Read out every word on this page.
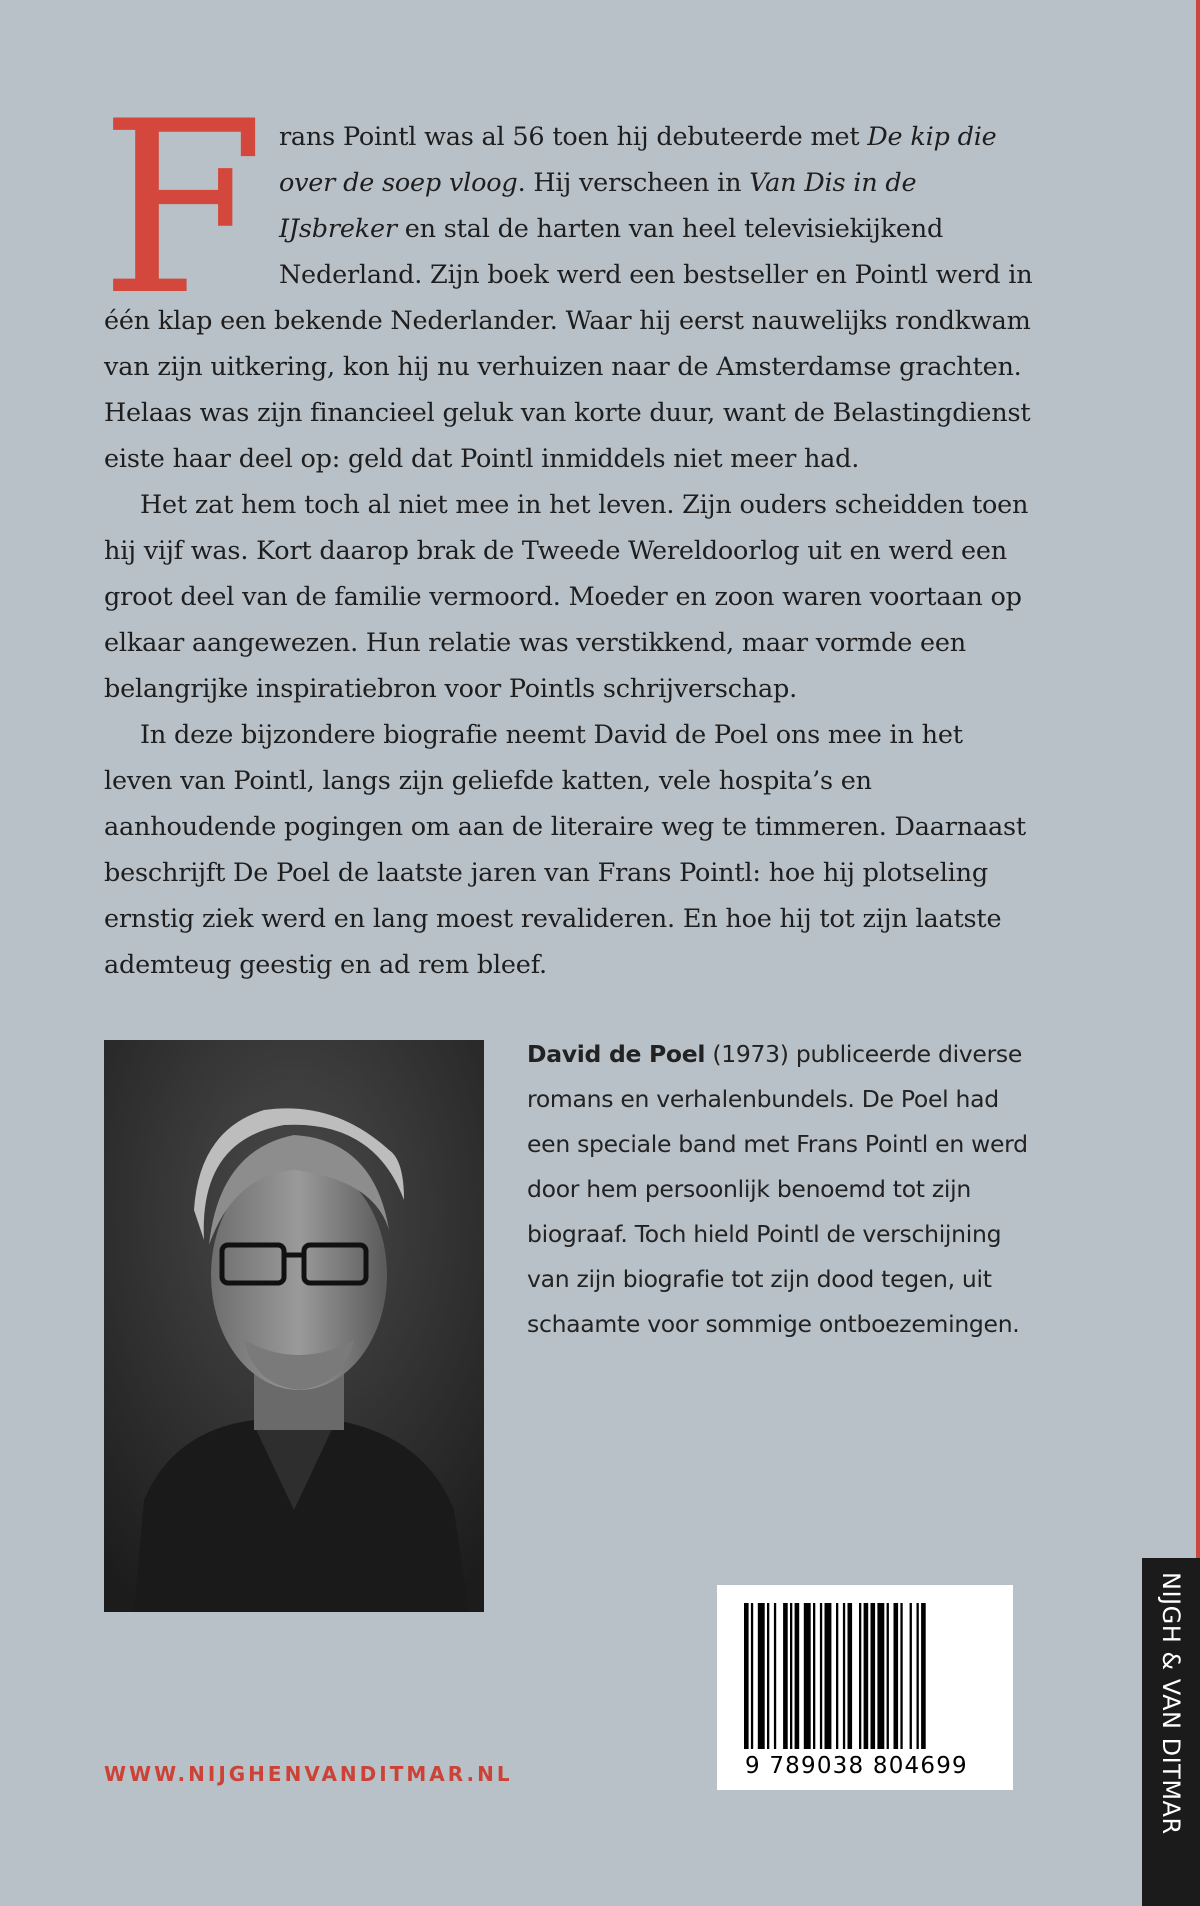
Frans Pointl was al 56 toen hij debuteerde met De kip die over de soep vloog. Hij verscheen in Van Dis in de IJsbreker en stal de harten van heel televisiekijkend Nederland. Zijn boek werd een bestseller en Pointl werd in één klap een bekende Nederlander. Waar hij eerst nauwelijks rondkwam van zijn uitkering, kon hij nu verhuizen naar de Amsterdamse grachten. Helaas was zijn financieel geluk van korte duur, want de Belastingdienst eiste haar deel op: geld dat Pointl inmiddels niet meer had.

Het zat hem toch al niet mee in het leven. Zijn ouders scheidden toen hij vijf was. Kort daarop brak de Tweede Wereldoorlog uit en werd een groot deel van de familie vermoord. Moeder en zoon waren voortaan op elkaar aangewezen. Hun relatie was verstikkend, maar vormde een belangrijke inspiratiebron voor Pointls schrijverschap.

In deze bijzondere biografie neemt David de Poel ons mee in het leven van Pointl, langs zijn geliefde katten, vele hospita’s en aanhoudende pogingen om aan de literaire weg te timmeren. Daarnaast beschrijft De Poel de laatste jaren van Frans Pointl: hoe hij plotseling ernstig ziek werd en lang moest revalideren. En hoe hij tot zijn laatste ademteug geestig en ad rem bleef.

David de Poel (1973) publiceerde diverse romans en verhalenbundels. De Poel had een speciale band met Frans Pointl en werd door hem persoonlijk benoemd tot zijn biograaf. Toch hield Pointl de verschijning van zijn biografie tot zijn dood tegen, uit schaamte voor sommige ontboezemingen.
9 789038 804699
WWW.NIJGHENVANDITMAR.NL	NIJGH & VAN DITMAR
